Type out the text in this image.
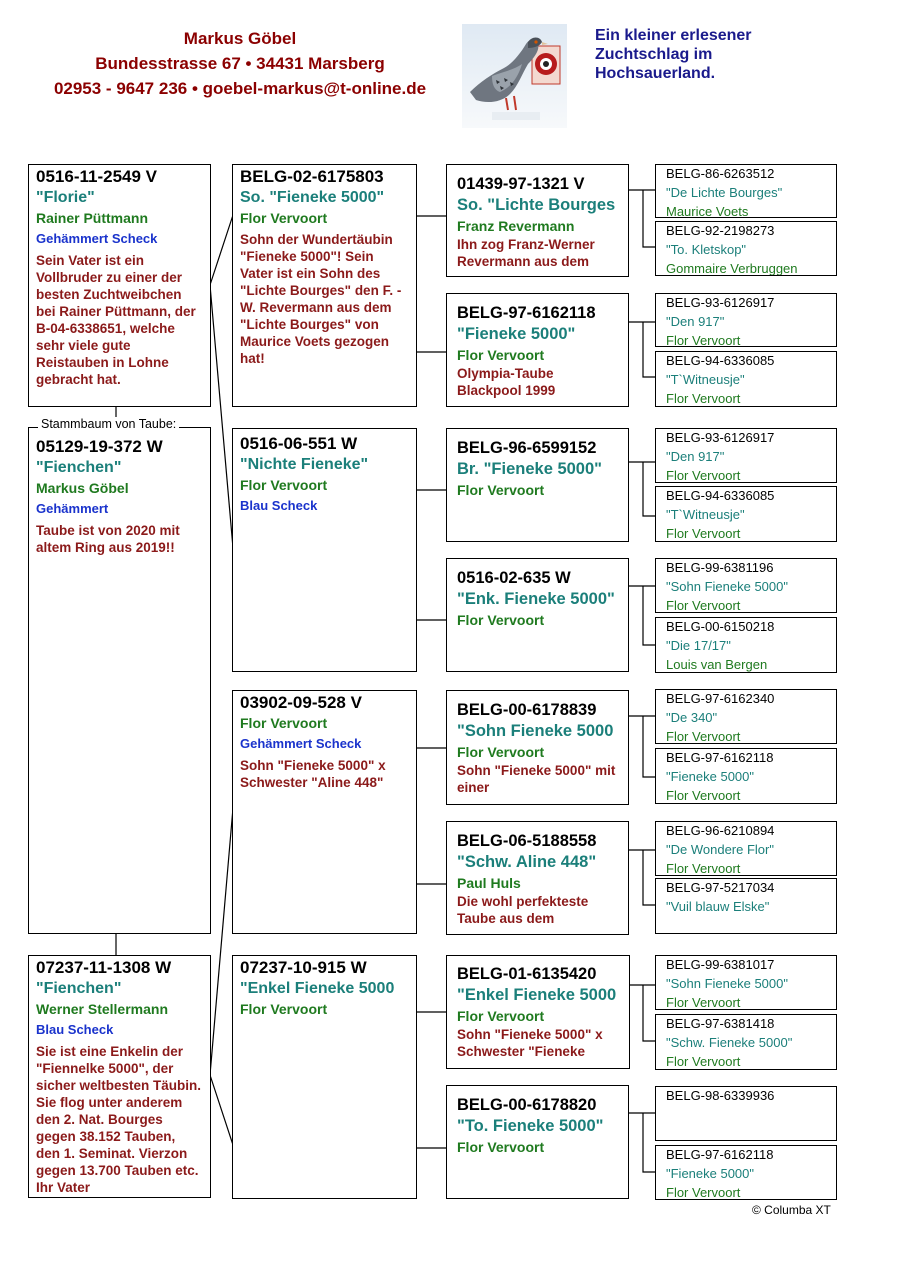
Markus Göbel
Bundesstrasse 67 • 34431 Marsberg
02953 - 9647 236 • goebel-markus@t-online.de
Ein kleiner erlesener
Zuchtschlag im
Hochsauerland.
0516-11-2549 V
"Florie"
Rainer Püttmann
Gehämmert Scheck
Sein Vater ist ein Vollbruder zu einer der besten Zuchtweibchen bei Rainer Püttmann, der B-04-6338651, welche sehr viele gute Reistauben in Lohne gebracht hat.
05129-19-372 W
"Fienchen"
Markus Göbel
Gehämmert
Taube ist von 2020 mit altem Ring aus 2019!!
Stammbaum von Taube:
07237-11-1308 W
"Fienchen"
Werner Stellermann
Blau Scheck
Sie ist eine Enkelin der "Fiennelke 5000", der sicher weltbesten Täubin. Sie flog unter anderem den 2. Nat. Bourges gegen 38.152 Tauben, den 1. Seminat. Vierzon gegen 13.700 Tauben etc. Ihr Vater
BELG-02-6175803
So. "Fieneke 5000"
Flor Vervoort
Sohn der Wundertäubin "Fieneke 5000"! Sein Vater ist ein Sohn des "Lichte Bourges" den F. -W. Revermann aus dem "Lichte Bourges" von Maurice Voets gezogen hat!
0516-06-551 W
"Nichte Fieneke"
Flor Vervoort
Blau Scheck
03902-09-528 V
Flor Vervoort
Gehämmert Scheck
Sohn "Fieneke 5000" x Schwester "Aline 448"
07237-10-915 W
"Enkel Fieneke 5000
Flor Vervoort
01439-97-1321 V
So. "Lichte Bourges
Franz Revermann
Ihn zog Franz-Werner Revermann aus dem
BELG-97-6162118
"Fieneke 5000"
Flor Vervoort
Olympia-Taube Blackpool 1999
BELG-96-6599152
Br. "Fieneke 5000"
Flor Vervoort
0516-02-635 W
"Enk. Fieneke 5000"
Flor Vervoort
BELG-00-6178839
"Sohn Fieneke 5000
Flor Vervoort
Sohn "Fieneke 5000" mit einer
BELG-06-5188558
"Schw. Aline 448"
Paul Huls
Die wohl perfekteste Taube aus dem
BELG-01-6135420
"Enkel Fieneke 5000
Flor Vervoort
Sohn "Fieneke 5000" x Schwester "Fieneke
BELG-00-6178820
"To. Fieneke 5000"
Flor Vervoort
BELG-86-6263512
"De Lichte Bourges"
Maurice Voets
BELG-92-2198273
"To. Kletskop"
Gommaire Verbruggen
BELG-93-6126917
"Den 917"
Flor Vervoort
BELG-94-6336085
"T`Witneusje"
Flor Vervoort
BELG-93-6126917
"Den 917"
Flor Vervoort
BELG-94-6336085
"T`Witneusje"
Flor Vervoort
BELG-99-6381196
"Sohn Fieneke 5000"
Flor Vervoort
BELG-00-6150218
"Die 17/17"
Louis van Bergen
BELG-97-6162340
"De 340"
Flor Vervoort
BELG-97-6162118
"Fieneke 5000"
Flor Vervoort
BELG-96-6210894
"De Wondere Flor"
Flor Vervoort
BELG-97-5217034
"Vuil blauw Elske"
BELG-99-6381017
"Sohn Fieneke 5000"
Flor Vervoort
BELG-97-6381418
"Schw. Fieneke 5000"
Flor Vervoort
BELG-98-6339936
BELG-97-6162118
"Fieneke 5000"
Flor Vervoort
© Columba XT
